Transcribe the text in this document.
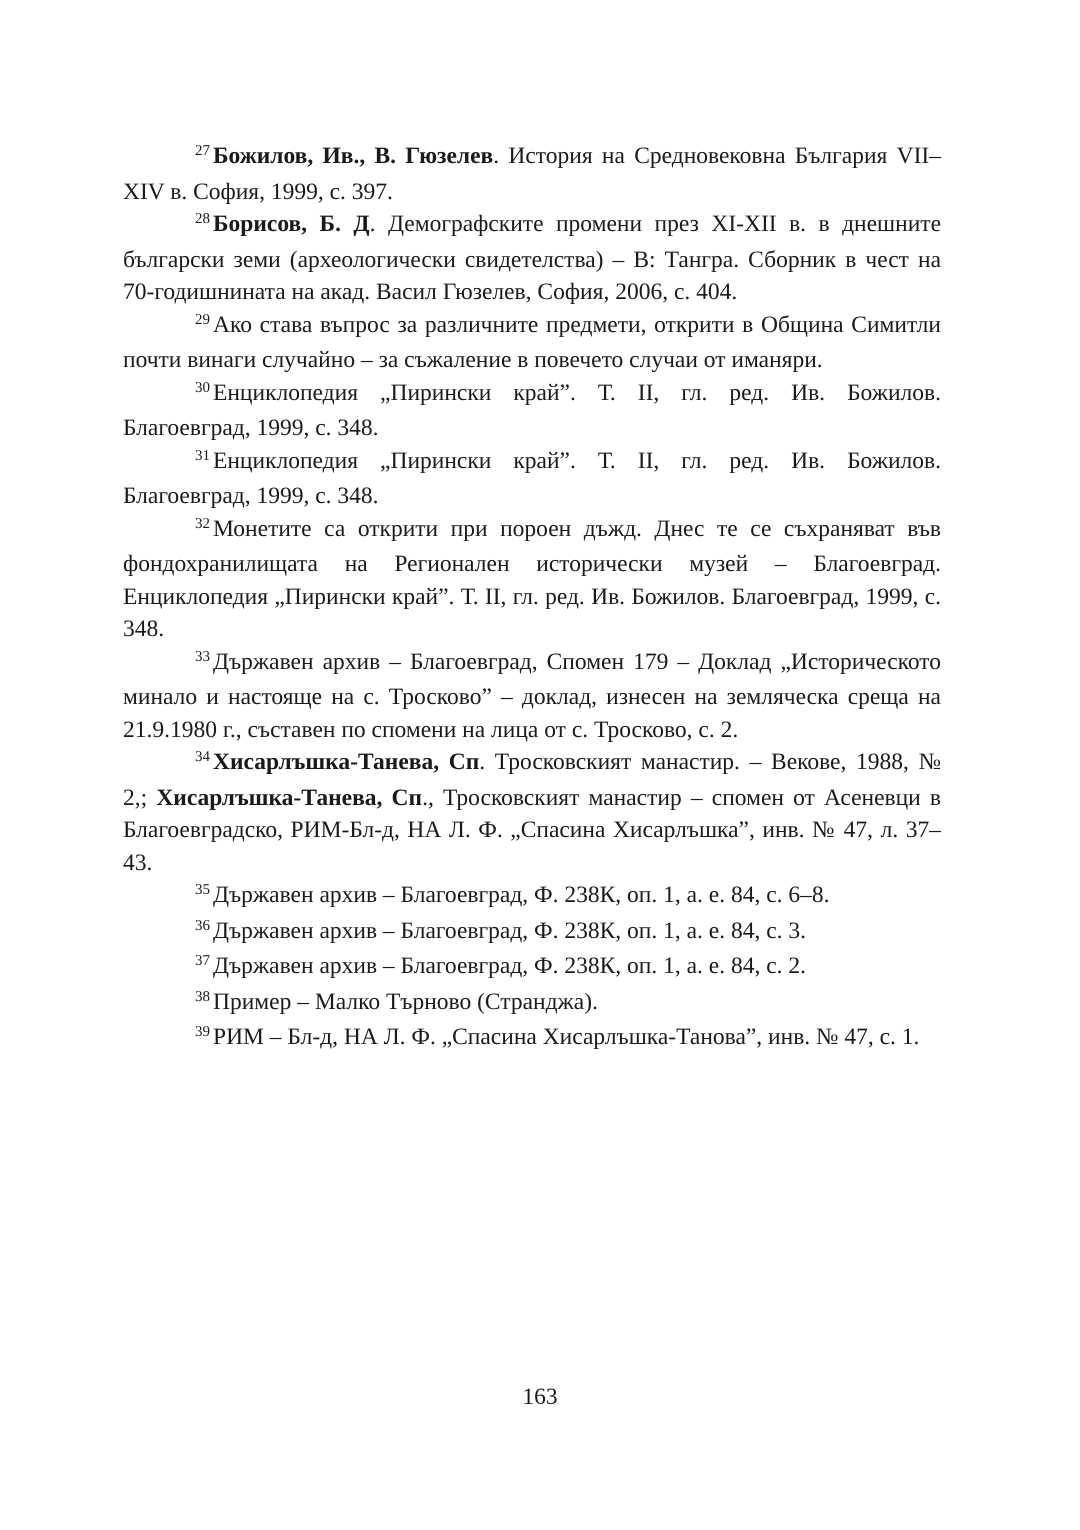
$^{27}$ Божилов, Ив., В. Гюзелев. История на Средновековна България VII–XIV в. София, 1999, с. 397.

$^{28}$ Борисов, Б. Д. Демографските промени през XI-XII в. в днешните български земи (археологически свидетелства) – В: Тангра. Сборник в чест на 70-годишнината на акад. Васил Гюзелев, София, 2006, с. 404.

$^{29}$ Ако става въпрос за различните предмети, открити в Община Симитли почти винаги случайно – за съжаление в повечето случаи от иманяри.

$^{30}$ Енциклопедия „Пирински край”. Т. II, гл. ред. Ив. Божилов. Благоевград, 1999, с. 348.

$^{31}$ Енциклопедия „Пирински край”. Т. II, гл. ред. Ив. Божилов. Благоевград, 1999, с. 348.

$^{32}$ Монетите са открити при пороен дъжд. Днес те се съхраняват във фондохранилищата на Регионален исторически музей – Благоевград. Енциклопедия „Пирински край”. Т. II, гл. ред. Ив. Божилов. Благоевград, 1999, с. 348.

$^{33}$ Държавен архив – Благоевград, Спомен 179 – Доклад „Историческото минало и настояще на с. Тросково” – доклад, изнесен на земляческа среща на 21.9.1980 г., съставен по спомени на лица от с. Тросково, с. 2.

$^{34}$ Хисарлъшка-Танева, Сп. Тросковският манастир. – Векове, 1988, № 2,; Хисарлъшка-Танева, Сп., Тросковският манастир – спомен от Асеневци в Благоевградско, РИМ-Бл-д, НА Л. Ф. „Спасина Хисарлъшка”, инв. № 47, л. 37–43.

$^{35}$ Държавен архив – Благоевград, Ф. 238К, оп. 1, а. е. 84, с. 6–8.

$^{36}$ Държавен архив – Благоевград, Ф. 238К, оп. 1, а. е. 84, с. 3.

$^{37}$ Държавен архив – Благоевград, Ф. 238К, оп. 1, а. е. 84, с. 2.

$^{38}$ Пример – Малко Търново (Странджа).

$^{39}$ РИМ – Бл-д, НА Л. Ф. „Спасина Хисарлъшка-Танова”, инв. № 47, с. 1.

163
